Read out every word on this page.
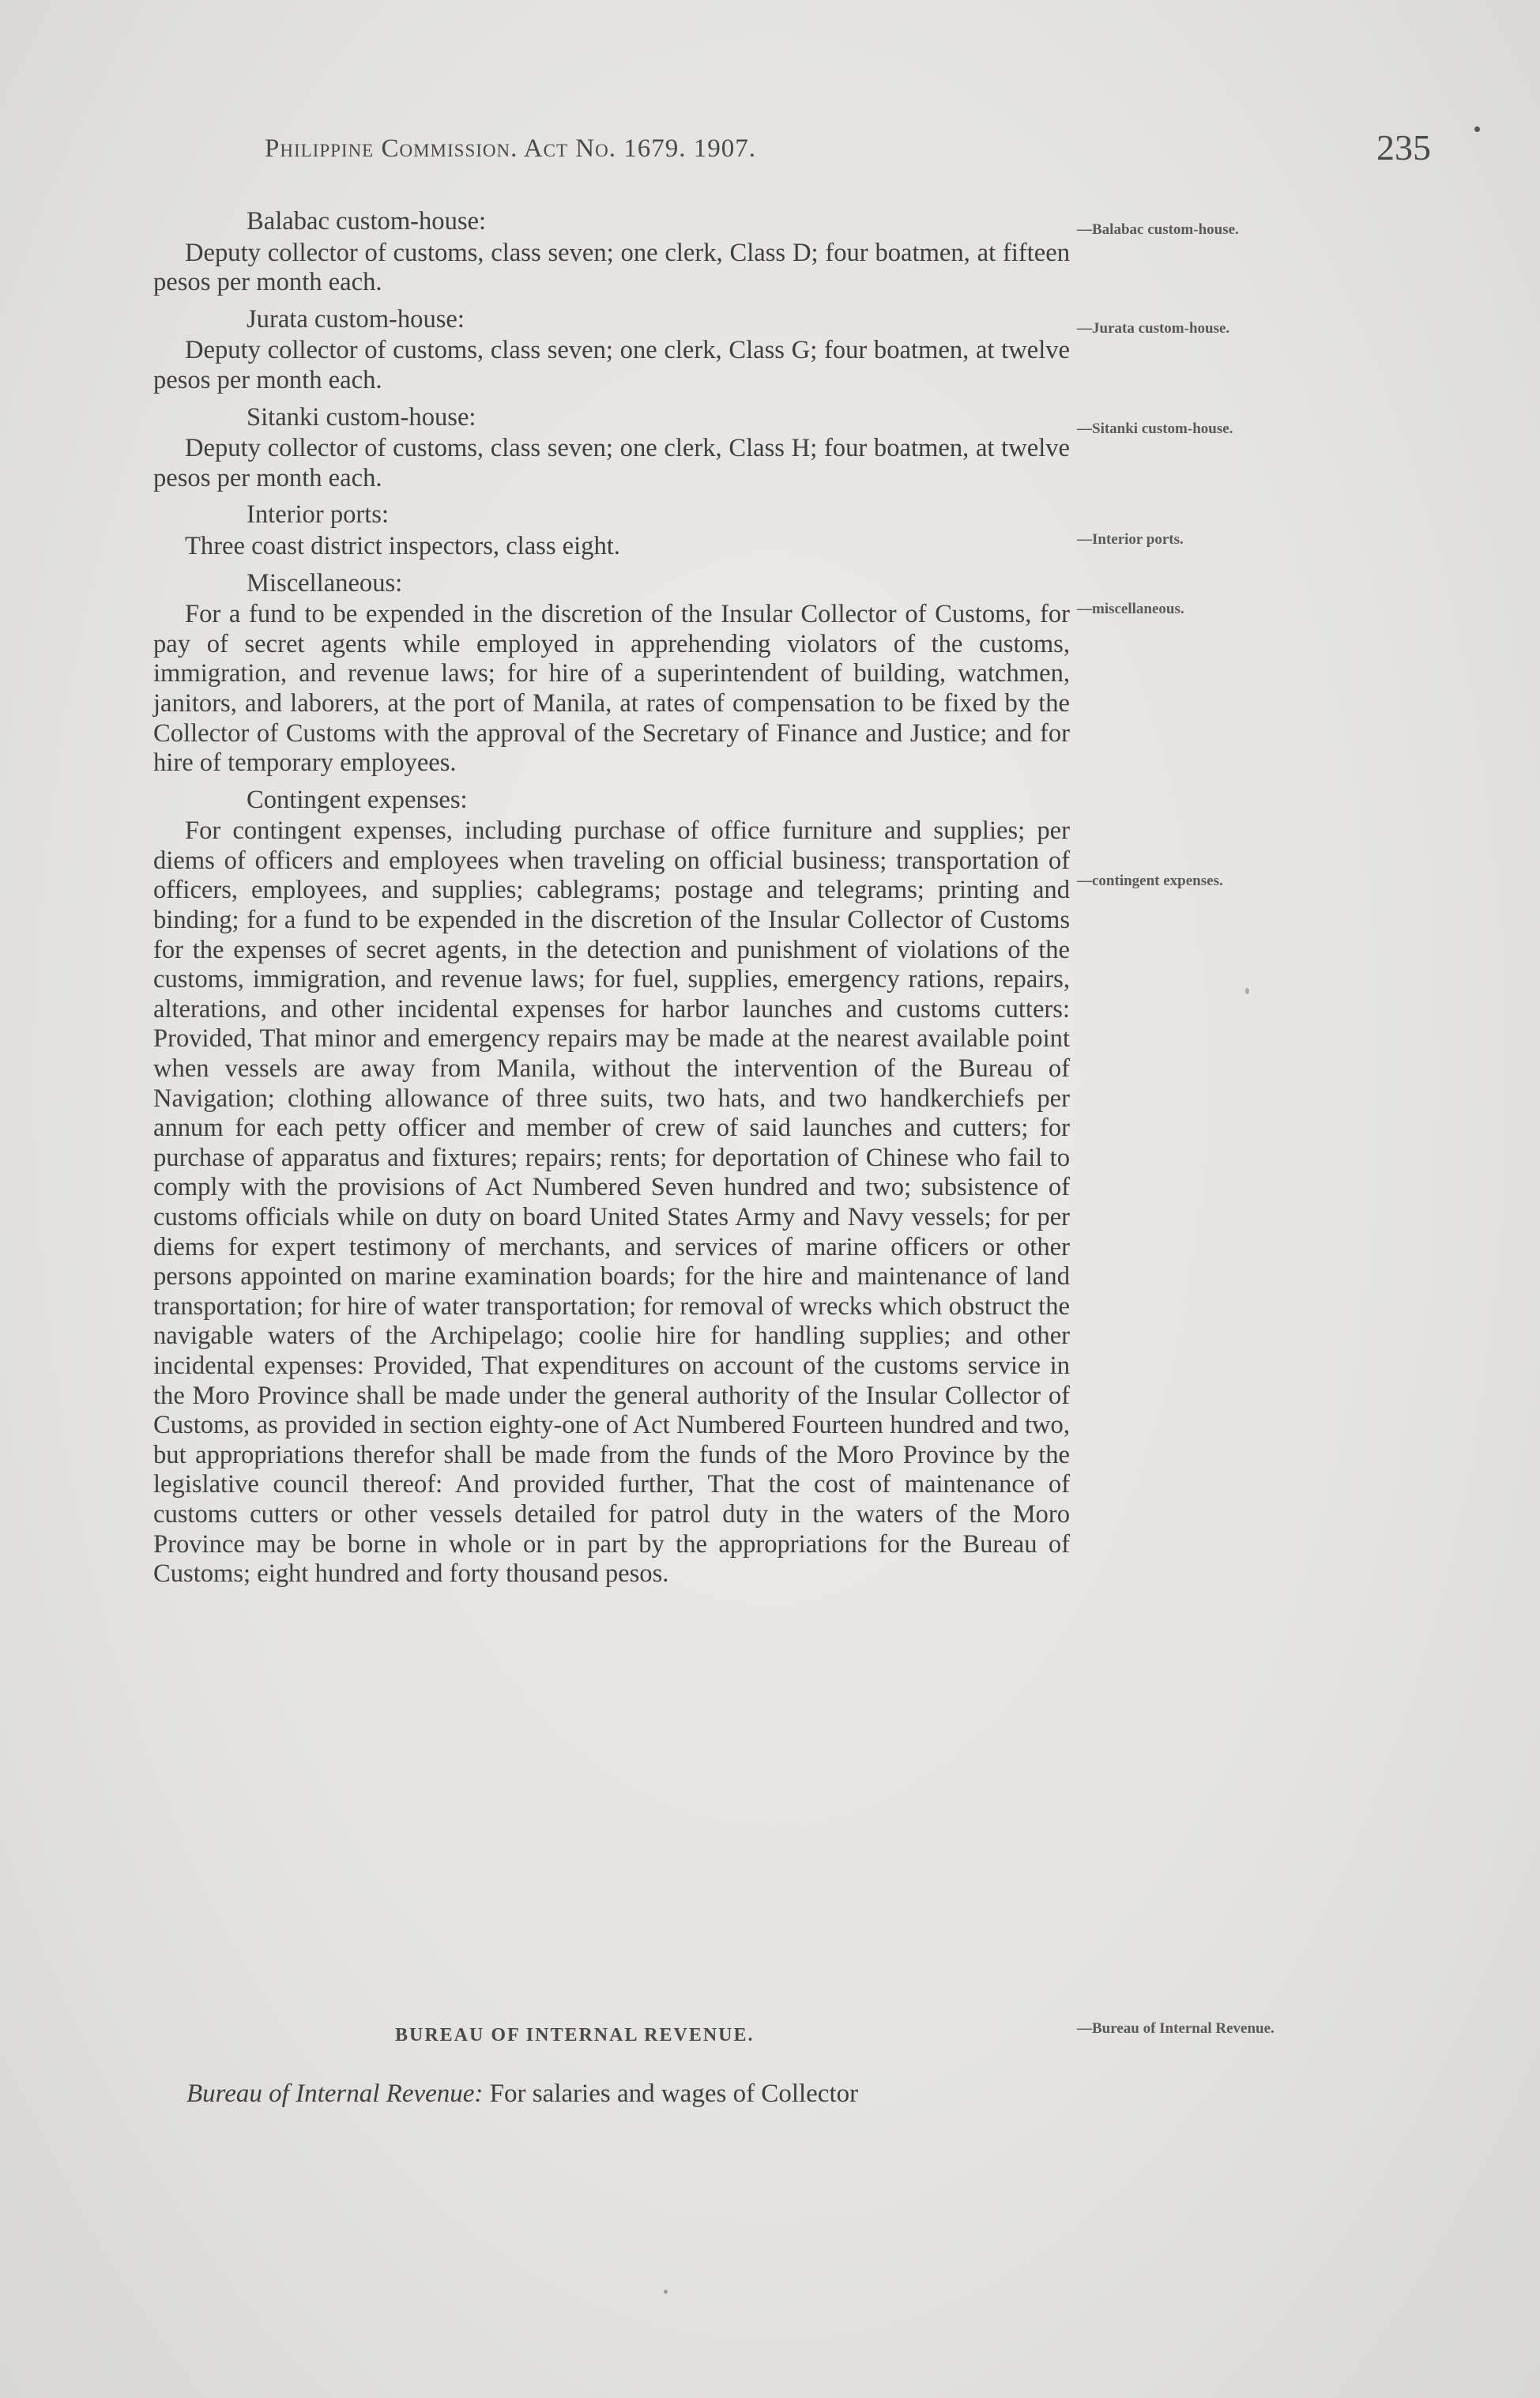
Philippine Commission. Act No. 1679. 1907.	235

Balabac custom-house:

Deputy collector of customs, class seven; one clerk, Class D; four boatmen, at fifteen pesos per month each.

Jurata custom-house:

Deputy collector of customs, class seven; one clerk, Class G; four boatmen, at twelve pesos per month each.

Sitanki custom-house:

Deputy collector of customs, class seven; one clerk, Class H; four boatmen, at twelve pesos per month each.

Interior ports:

Three coast district inspectors, class eight.

Miscellaneous:

For a fund to be expended in the discretion of the Insular Collector of Customs, for pay of secret agents while employed in apprehending violators of the customs, immigration, and revenue laws; for hire of a superintendent of building, watchmen, janitors, and laborers, at the port of Manila, at rates of compensation to be fixed by the Collector of Customs with the approval of the Secretary of Finance and Justice; and for hire of temporary employees.

Contingent expenses:

For contingent expenses, including purchase of office furniture and supplies; per diems of officers and employees when traveling on official business; transportation of officers, employees, and supplies; cablegrams; postage and telegrams; printing and binding; for a fund to be expended in the discretion of the Insular Collector of Customs for the expenses of secret agents, in the detection and punishment of violations of the customs, immigration, and revenue laws; for fuel, supplies, emergency rations, repairs, alterations, and other incidental expenses for harbor launches and customs cutters: Provided, That minor and emergency repairs may be made at the nearest available point when vessels are away from Manila, without the intervention of the Bureau of Navigation; clothing allowance of three suits, two hats, and two handkerchiefs per annum for each petty officer and member of crew of said launches and cutters; for purchase of apparatus and fixtures; repairs; rents; for deportation of Chinese who fail to comply with the provisions of Act Numbered Seven hundred and two; subsistence of customs officials while on duty on board United States Army and Navy vessels; for per diems for expert testimony of merchants, and services of marine officers or other persons appointed on marine examination boards; for the hire and maintenance of land transportation; for hire of water transportation; for removal of wrecks which obstruct the navigable waters of the Archipelago; coolie hire for handling supplies; and other incidental expenses: Provided, That expenditures on account of the customs service in the Moro Province shall be made under the general authority of the Insular Collector of Customs, as provided in section eighty-one of Act Numbered Fourteen hundred and two, but appropriations therefor shall be made from the funds of the Moro Province by the legislative council thereof: And provided further, That the cost of maintenance of customs cutters or other vessels detailed for patrol duty in the waters of the Moro Province may be borne in whole or in part by the appropriations for the Bureau of Customs; eight hundred and forty thousand pesos.

—Balabac custom-house.
—Jurata custom-house.
—Sitanki custom-house.
—Interior ports.
—miscellaneous.
—contingent expenses.
—Bureau of Internal Revenue.
BUREAU OF INTERNAL REVENUE.
Bureau of Internal Revenue: For salaries and wages of Collector
